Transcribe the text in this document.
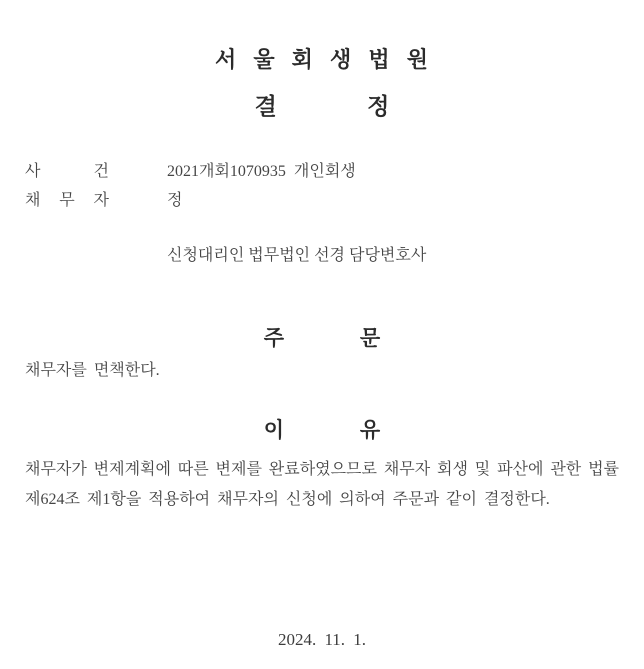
서 울 회 생 법 원
결 정
사 건	2021개회1070935  개인회생
채 무 자	정
신청대리인 법무법인 선경 담당변호사
주 문
채무자를 면책한다.
이 유
채무자가 변제계획에 따른 변제를 완료하였으므로 채무자 회생 및 파산에 관한 법률
제624조 제1항을 적용하여 채무자의 신청에 의하여 주문과 같이 결정한다.
2024. 11. 1.
